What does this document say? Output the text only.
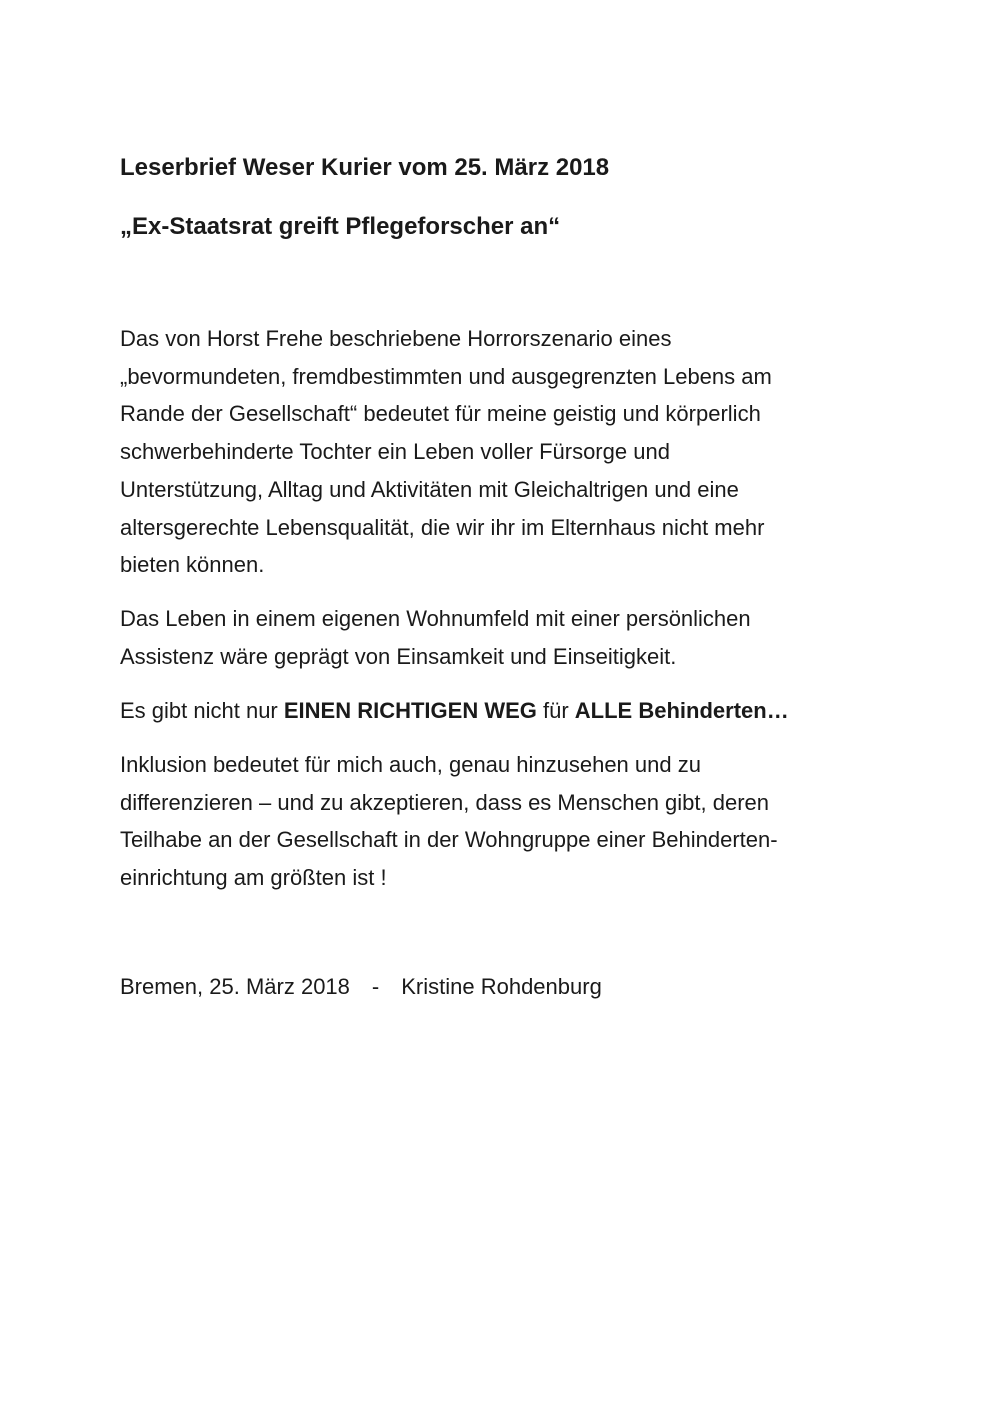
Leserbrief Weser Kurier vom 25. März 2018
„Ex-Staatsrat greift Pflegeforscher an“
Das von Horst Frehe beschriebene Horrorszenario eines
„bevormundeten, fremdbestimmten und ausgegrenzten Lebens am
Rande der Gesellschaft“ bedeutet für meine geistig und körperlich
schwerbehinderte Tochter ein Leben voller Fürsorge und
Unterstützung, Alltag und Aktivitäten mit Gleichaltrigen und eine
altersgerechte Lebensqualität, die wir ihr im Elternhaus nicht mehr
bieten können.
Das Leben in einem eigenen Wohnumfeld mit einer persönlichen
Assistenz wäre geprägt von Einsamkeit und Einseitigkeit.
Es gibt nicht nur EINEN RICHTIGEN WEG für ALLE Behinderten…
Inklusion bedeutet für mich auch, genau hinzusehen und zu
differenzieren – und zu akzeptieren, dass es Menschen gibt, deren
Teilhabe an der Gesellschaft in der Wohngruppe einer Behinderten-
einrichtung am größten ist !
Bremen, 25. März 2018 - Kristine Rohdenburg
